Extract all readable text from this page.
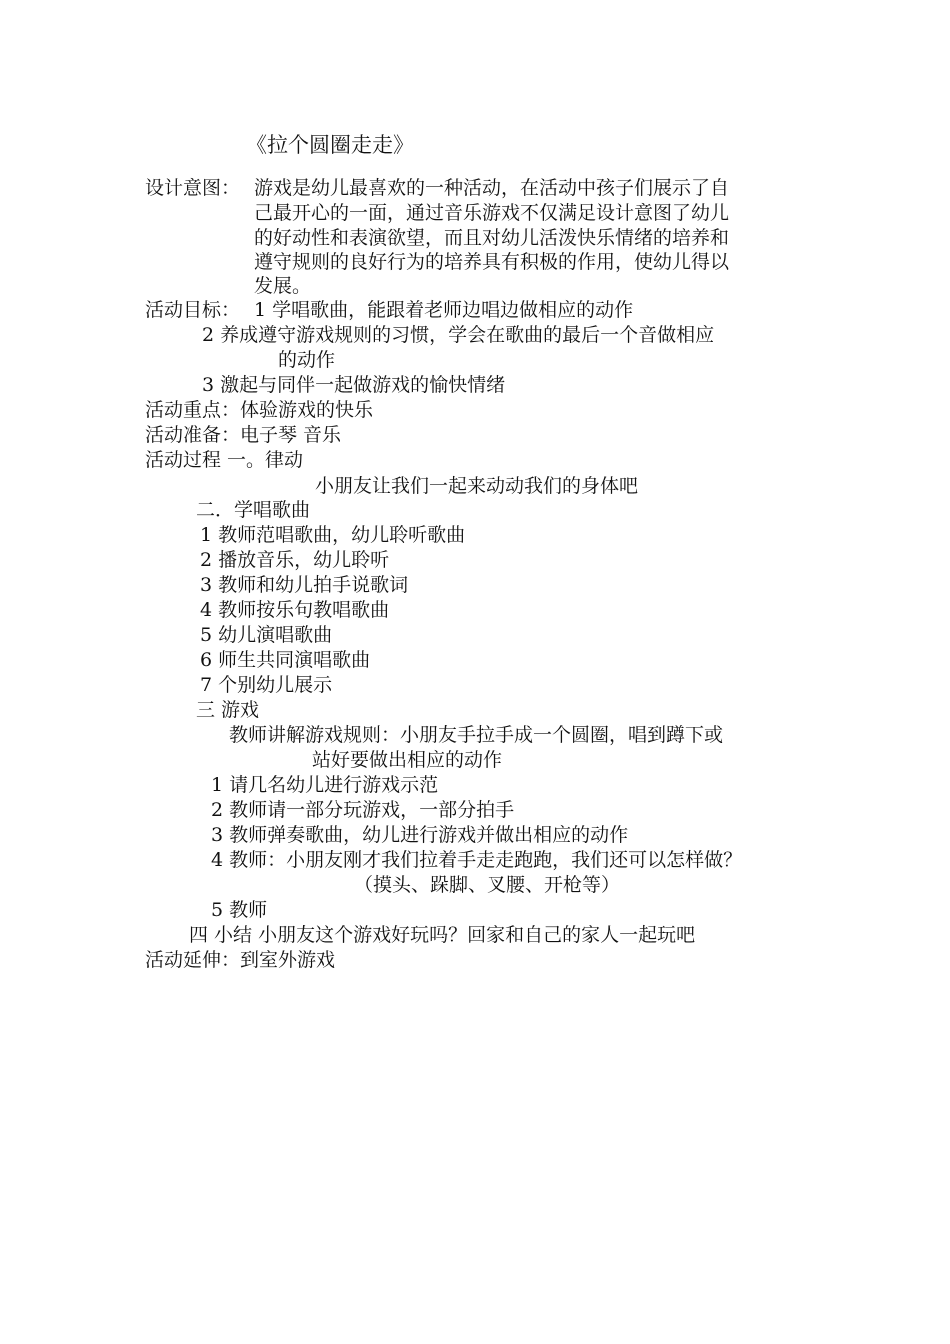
《拉个圆圈走走》
设计意图： 游戏是幼儿最喜欢的一种活动，在活动中孩子们展示了自
己最开心的一面，通过音乐游戏不仅满足设计意图了幼儿
的好动性和表演欲望，而且对幼儿活泼快乐情绪的培养和
遵守规则的良好行为的培养具有积极的作用，使幼儿得以
发展。
活动目标： 1 学唱歌曲，能跟着老师边唱边做相应的动作
2 养成遵守游戏规则的习惯，学会在歌曲的最后一个音做相应
的动作
3 激起与同伴一起做游戏的愉快情绪
活动重点：体验游戏的快乐
活动准备：电子琴 音乐
活动过程 一。律动
小朋友让我们一起来动动我们的身体吧
二．学唱歌曲
1 教师范唱歌曲，幼儿聆听歌曲
2 播放音乐，幼儿聆听
3 教师和幼儿拍手说歌词
4 教师按乐句教唱歌曲
5 幼儿演唱歌曲
6 师生共同演唱歌曲
7 个别幼儿展示
三 游戏
教师讲解游戏规则：小朋友手拉手成一个圆圈，唱到蹲下或
站好要做出相应的动作
1 请几名幼儿进行游戏示范
2 教师请一部分玩游戏，一部分拍手
3 教师弹奏歌曲，幼儿进行游戏并做出相应的动作
4 教师：小朋友刚才我们拉着手走走跑跑，我们还可以怎样做？
（摸头、跺脚、叉腰、开枪等）
5 教师
四 小结 小朋友这个游戏好玩吗？回家和自己的家人一起玩吧
活动延伸：到室外游戏
